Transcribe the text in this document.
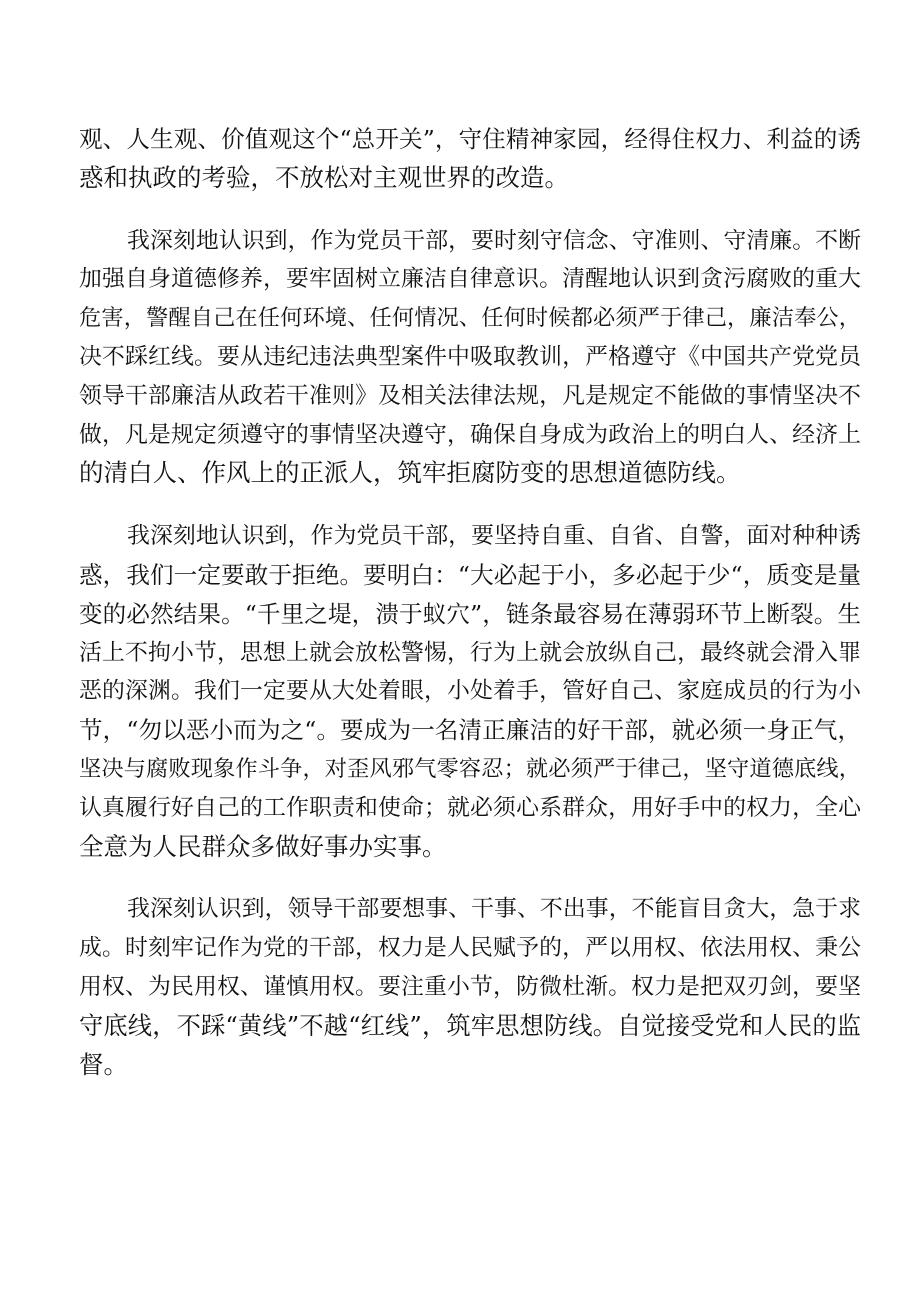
观、人生观、价值观这个“总开关”，守住精神家园，经得住权力、利益的诱
惑和执政的考验，不放松对主观世界的改造。
我深刻地认识到，作为党员干部，要时刻守信念、守准则、守清廉。不断
加强自身道德修养，要牢固树立廉洁自律意识。清醒地认识到贪污腐败的重大
危害，警醒自己在任何环境、任何情况、任何时候都必须严于律己，廉洁奉公，
决不踩红线。要从违纪违法典型案件中吸取教训，严格遵守《中国共产党党员
领导干部廉洁从政若干准则》及相关法律法规，凡是规定不能做的事情坚决不
做，凡是规定须遵守的事情坚决遵守，确保自身成为政治上的明白人、经济上
的清白人、作风上的正派人，筑牢拒腐防变的思想道德防线。
我深刻地认识到，作为党员干部，要坚持自重、自省、自警，面对种种诱
惑，我们一定要敢于拒绝。要明白：“大必起于小，多必起于少“，质变是量
变的必然结果。“千里之堤，溃于蚁穴”，链条最容易在薄弱环节上断裂。生
活上不拘小节，思想上就会放松警惕，行为上就会放纵自己，最终就会滑入罪
恶的深渊。我们一定要从大处着眼，小处着手，管好自己、家庭成员的行为小
节，“勿以恶小而为之“。要成为一名清正廉洁的好干部，就必须一身正气，
坚决与腐败现象作斗争，对歪风邪气零容忍；就必须严于律己，坚守道德底线，
认真履行好自己的工作职责和使命；就必须心系群众，用好手中的权力，全心
全意为人民群众多做好事办实事。
我深刻认识到，领导干部要想事、干事、不出事，不能盲目贪大，急于求
成。时刻牢记作为党的干部，权力是人民赋予的，严以用权、依法用权、秉公
用权、为民用权、谨慎用权。要注重小节，防微杜渐。权力是把双刃剑，要坚
守底线，不踩“黄线”不越“红线”，筑牢思想防线。自觉接受党和人民的监
督。
